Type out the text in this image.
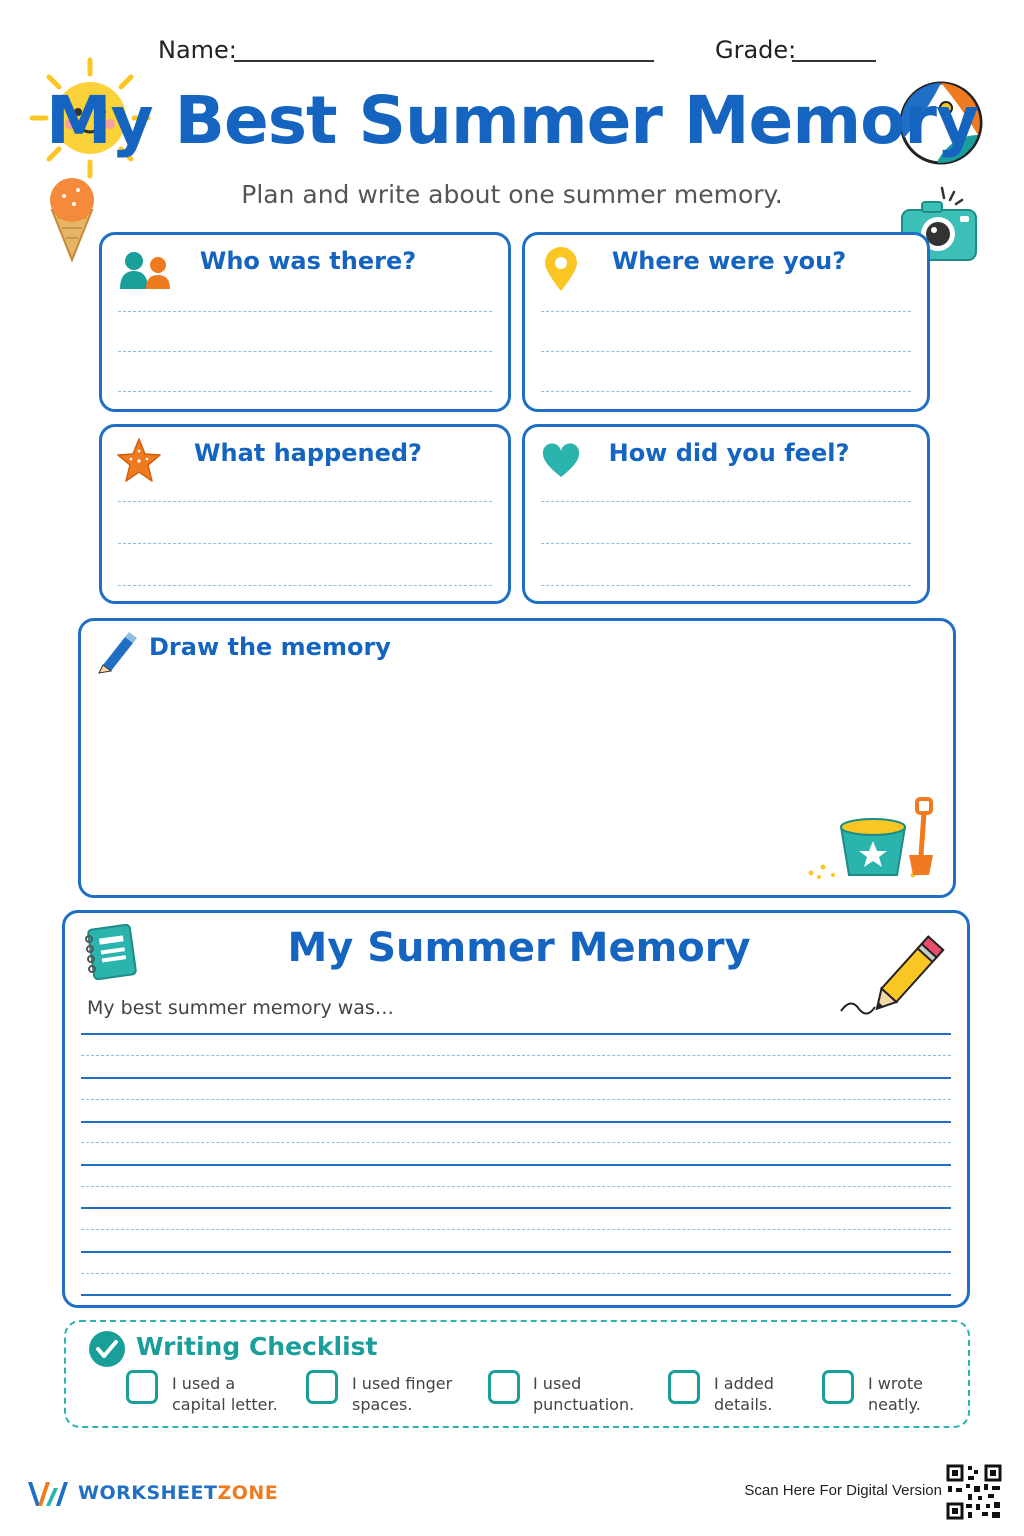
Name:	Grade:
My Best Summer Memory
Plan and write about one summer memory.
Who was there?	Where were you?
What happened?	How did you feel?
Draw the memory
My Summer Memory
My best summer memory was…
Writing Checklist
I used a
capital letter.
I used finger
spaces.
I used
punctuation.
I added
details.
I wrote
neatly.
WORKSHEETZONE	Scan Here For Digital Version
